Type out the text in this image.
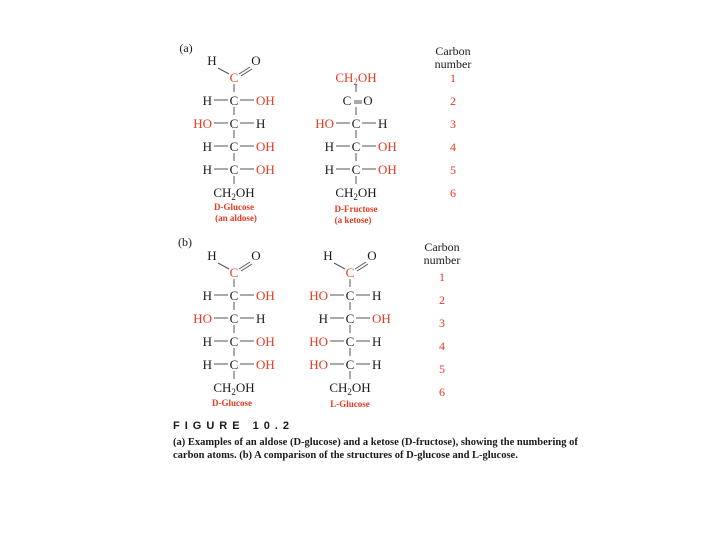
(a)
H	O
C
C
H	OH
C
HO	H
C
H	OH
C
H	OH
$CH_2OH$
D-Glucose
(an aldose)
$CH_2OH$
C O
C
HO	H
C
H	OH
C
H	OH
$CH_2OH$
D-Fructose
(a ketose)
Carbon
number
1
2
3
4
5
6
(b)
H	O
C
C
H	OH
C
HO	H
C
H	OH
C
H	OH
$CH_2OH$
D-Glucose
H	O
C
C
HO	H
C
H	OH
C
HO	H
C
HO	H
$CH_2OH$
L-Glucose
Carbon
number
1
2
3
4
5
6
FIGURE 10.2
(a) Examples of an aldose (D-glucose) and a ketose (D-fructose), showing the numbering of carbon atoms. (b) A comparison of the structures of D-glucose and L-glucose.
